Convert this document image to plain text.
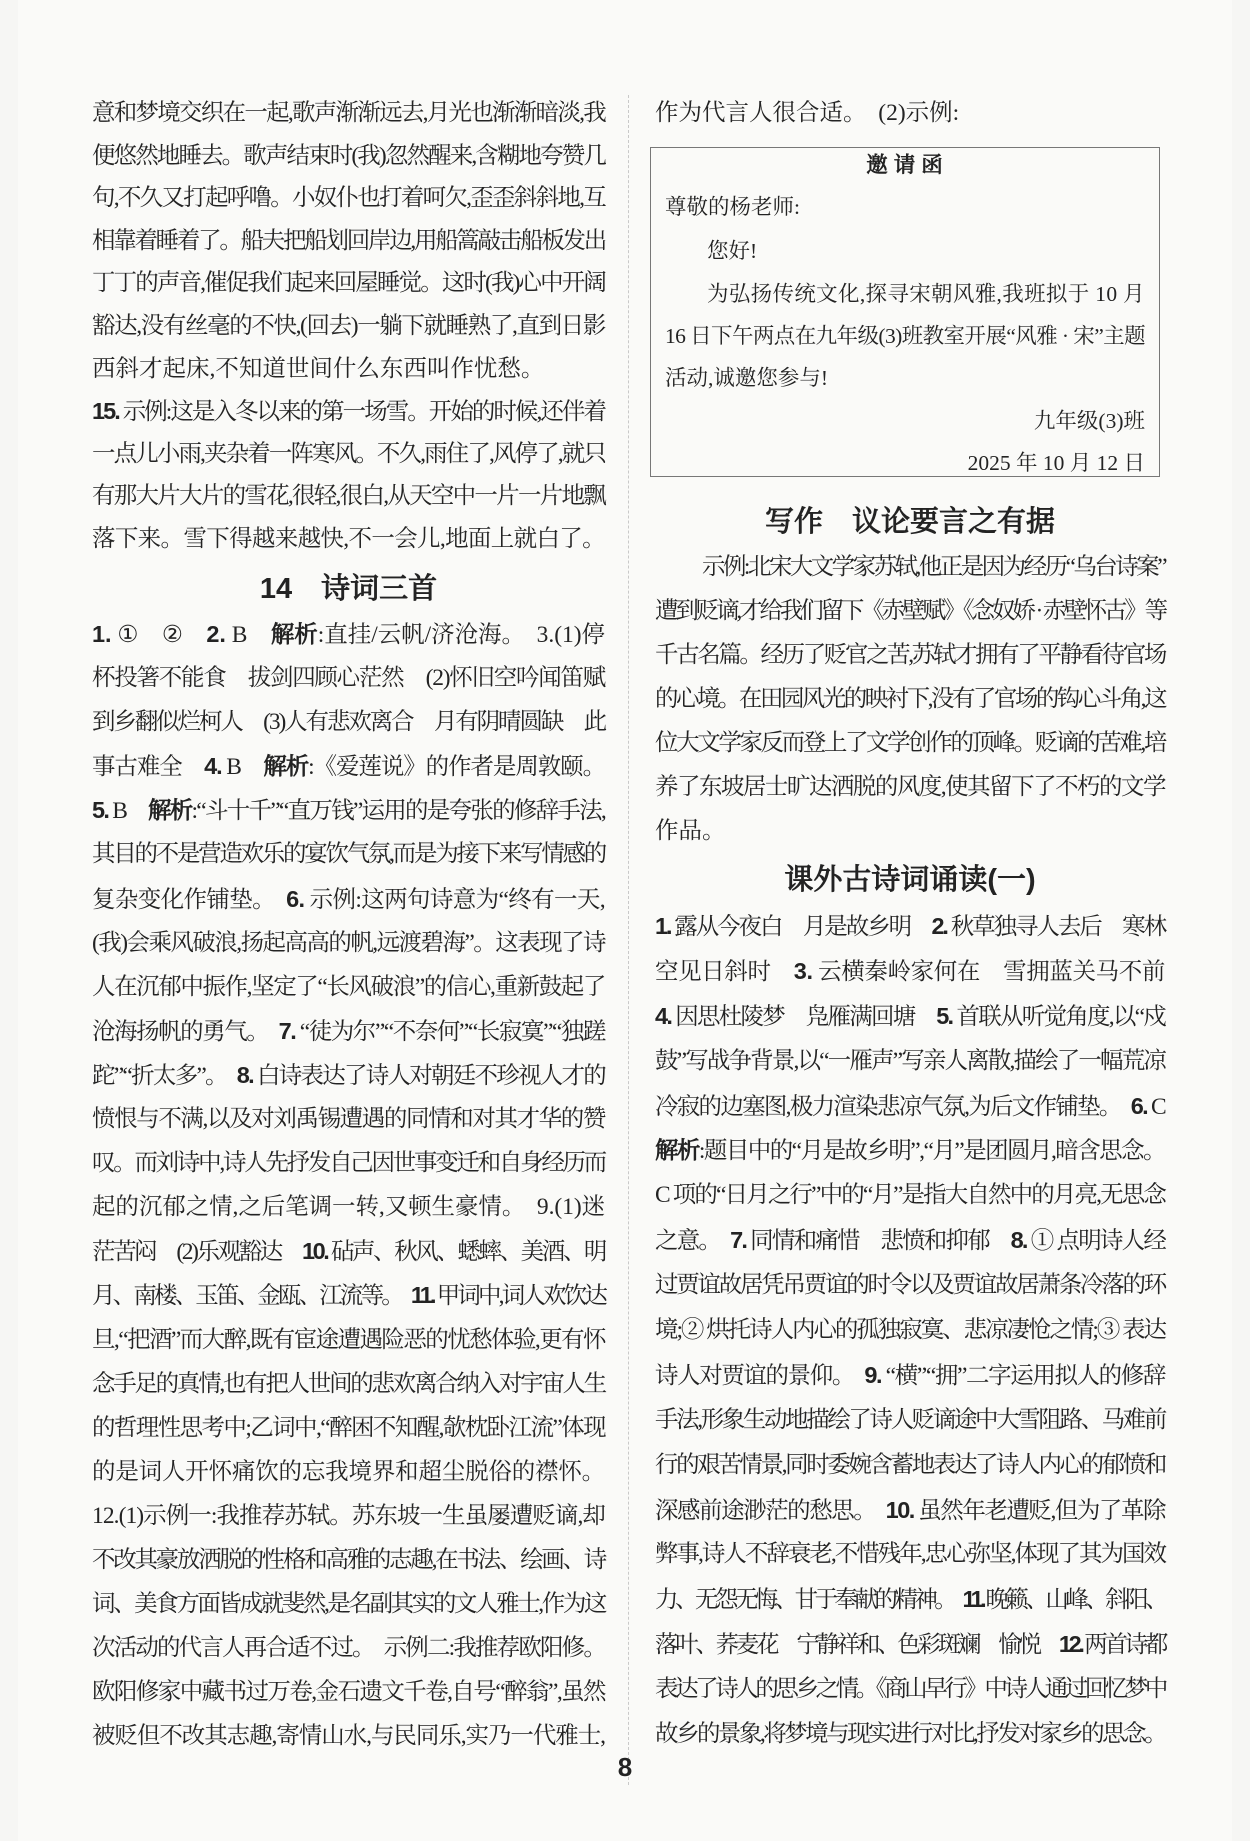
意和梦境交织在一起,歌声渐渐远去,月光也渐渐暗淡,我
便悠然地睡去。歌声结束时(我)忽然醒来,含糊地夸赞几
句,不久又打起呼噜。小奴仆也打着呵欠,歪歪斜斜地,互
相靠着睡着了。船夫把船划回岸边,用船篙敲击船板发出
丁丁的声音,催促我们起来回屋睡觉。这时(我)心中开阔
豁达,没有丝毫的不快,(回去)一躺下就睡熟了,直到日影
西斜才起床,不知道世间什么东西叫作忧愁。
15. 示例:这是入冬以来的第一场雪。开始的时候,还伴着
一点儿小雨,夹杂着一阵寒风。不久,雨住了,风停了,就只
有那大片大片的雪花,很轻,很白,从天空中一片一片地飘
落下来。雪下得越来越快,不一会儿,地面上就白了。
14　诗词三首
1. ①　②　2. B　解析:直挂/云帆/济沧海。　3.(1)停
杯投箸不能食　拔剑四顾心茫然　(2)怀旧空吟闻笛赋
到乡翻似烂柯人　(3)人有悲欢离合　月有阴晴圆缺　此
事古难全　4. B　解析:《爱莲说》的作者是周敦颐。
5. B　解析:“斗十千”“直万钱”运用的是夸张的修辞手法,
其目的不是营造欢乐的宴饮气氛,而是为接下来写情感的
复杂变化作铺垫。　6. 示例:这两句诗意为“终有一天,
(我)会乘风破浪,扬起高高的帆,远渡碧海”。这表现了诗
人在沉郁中振作,坚定了“长风破浪”的信心,重新鼓起了
沧海扬帆的勇气。　7. “徒为尔”“不奈何”“长寂寞”“独蹉
跎”“折太多”。　8. 白诗表达了诗人对朝廷不珍视人才的
愤恨与不满,以及对刘禹锡遭遇的同情和对其才华的赞
叹。而刘诗中,诗人先抒发自己因世事变迁和自身经历而
起的沉郁之情,之后笔调一转,又顿生豪情。　9.(1)迷
茫苦闷　(2)乐观豁达　10. 砧声、秋风、蟋蟀、美酒、明
月、南楼、玉笛、金瓯、江流等。　11. 甲词中,词人欢饮达
旦,“把酒”而大醉,既有宦途遭遇险恶的忧愁体验,更有怀
念手足的真情,也有把人世间的悲欢离合纳入对宇宙人生
的哲理性思考中;乙词中,“醉困不知醒,欹枕卧江流”体现
的是词人开怀痛饮的忘我境界和超尘脱俗的襟怀。
12.(1)示例一:我推荐苏轼。苏东坡一生虽屡遭贬谪,却
不改其豪放洒脱的性格和高雅的志趣,在书法、绘画、诗
词、美食方面皆成就斐然,是名副其实的文人雅士,作为这
次活动的代言人再合适不过。　示例二:我推荐欧阳修。
欧阳修家中藏书过万卷,金石遗文千卷,自号“醉翁”,虽然
被贬但不改其志趣,寄情山水,与民同乐,实乃一代雅士,
作为代言人很合适。　(2)示例:
邀 请 函
尊敬的杨老师:
您好!
为弘扬传统文化,探寻宋朝风雅,我班拟于 10 月
16 日下午两点在九年级(3)班教室开展“风雅 · 宋”主题
活动,诚邀您参与!
九年级(3)班
2025 年 10 月 12 日
写作　议论要言之有据
示例:北宋大文学家苏轼,他正是因为经历“乌台诗案”
遭到贬谪,才给我们留下《赤壁赋》《念奴娇 · 赤壁怀古》等
千古名篇。经历了贬官之苦,苏轼才拥有了平静看待官场
的心境。在田园风光的映衬下,没有了官场的钩心斗角,这
位大文学家反而登上了文学创作的顶峰。贬谪的苦难,培
养了东坡居士旷达洒脱的风度,使其留下了不朽的文学
作品。
课外古诗词诵读(一)
1. 露从今夜白　月是故乡明　2. 秋草独寻人去后　寒林
空见日斜时　3. 云横秦岭家何在　雪拥蓝关马不前
4. 因思杜陵梦　凫雁满回塘　5. 首联从听觉角度,以“戍
鼓”写战争背景,以“一雁声”写亲人离散,描绘了一幅荒凉
冷寂的边塞图,极力渲染悲凉气氛,为后文作铺垫。　6. C
解析:题目中的“月是故乡明”,“月”是团圆月,暗含思念。
C 项的“日月之行”中的“月”是指大自然中的月亮,无思念
之意。　7. 同情和痛惜　悲愤和抑郁　8. ① 点明诗人经
过贾谊故居凭吊贾谊的时令以及贾谊故居萧条冷落的环
境;② 烘托诗人内心的孤独寂寞、悲凉凄怆之情;③ 表达
诗人对贾谊的景仰。　9. “横”“拥”二字运用拟人的修辞
手法,形象生动地描绘了诗人贬谪途中大雪阻路、马难前
行的艰苦情景,同时委婉含蓄地表达了诗人内心的郁愤和
深感前途渺茫的愁思。　10. 虽然年老遭贬,但为了革除
弊事,诗人不辞衰老,不惜残年,忠心弥坚,体现了其为国效
力、无怨无悔、甘于奉献的精神。　11. 晚籁、山峰、斜阳、
落叶、荞麦花　宁静祥和、色彩斑斓　愉悦　12. 两首诗都
表达了诗人的思乡之情。《商山早行》中诗人通过回忆梦中
故乡的景象,将梦境与现实进行对比,抒发对家乡的思念。
8
